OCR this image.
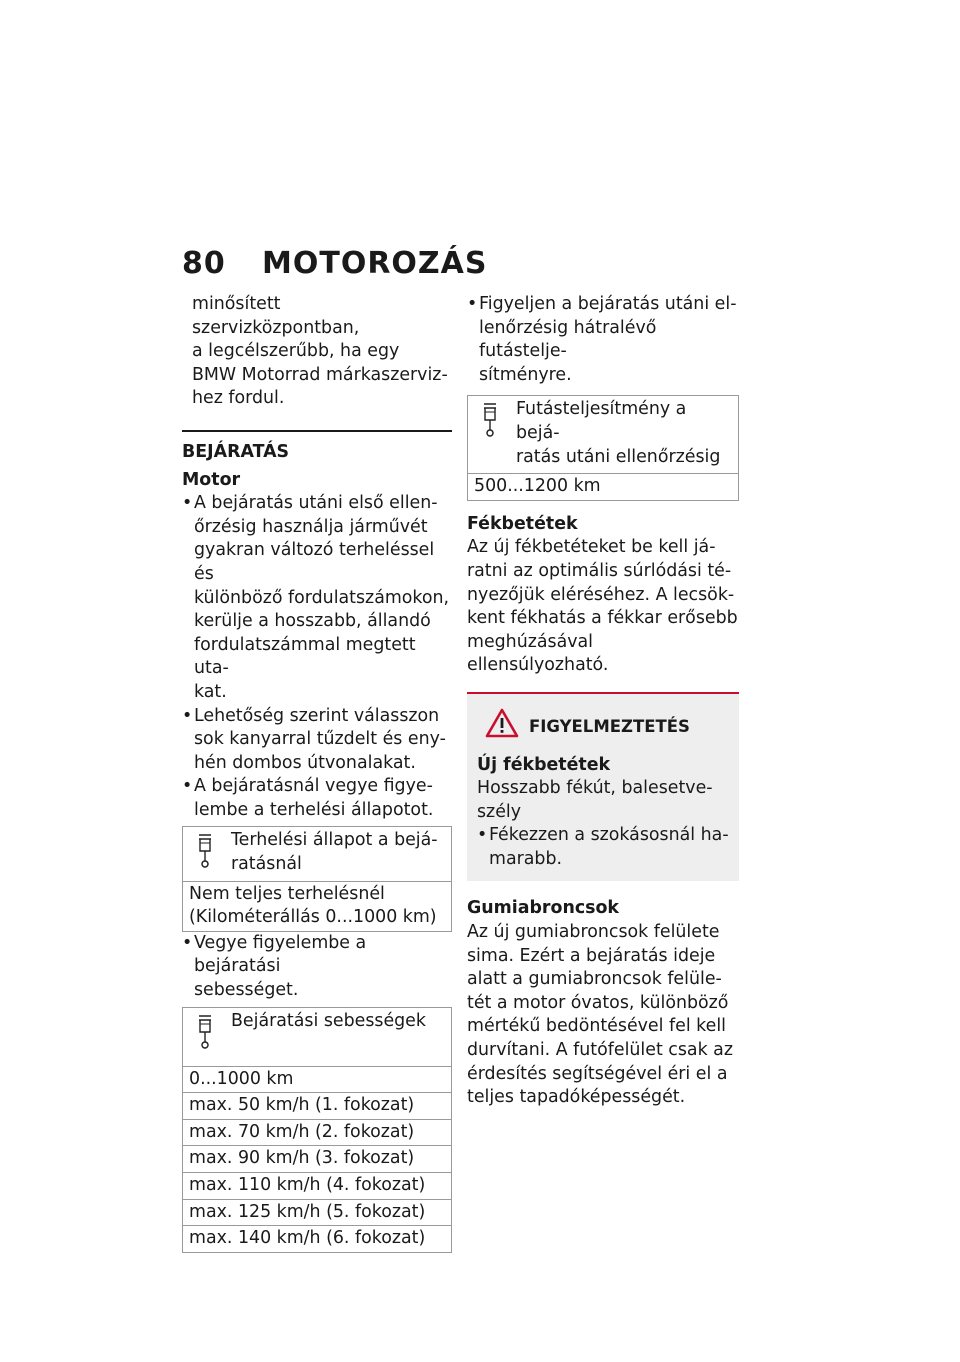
80 MOTOROZÁS
minősített szervizközpontban,
a legcélszerűbb, ha egy
BMW Motorrad márkaszerviz-
hez fordul.
BEJÁRATÁS
Motor
• A bejáratás utáni első ellen-
őrzésig használja járművét
gyakran változó terheléssel és
különböző fordulatszámokon,
kerülje a hosszabb, állandó
fordulatszámmal megtett uta-
kat.
• Lehetőség szerint válasszon
sok kanyarral tűzdelt és eny-
hén dombos útvonalakat.
• A bejáratásnál vegye figye-
lembe a terhelési állapotot.
Terhelési állapot a bejá-
ratásnál
Nem teljes terhelésnél (Kilométerállás 0...1000 km)
• Vegye figyelembe a bejáratási
sebességet.
Bejáratási sebességek
0...1000 km
max. 50 km/h (1. fokozat)
max. 70 km/h (2. fokozat)
max. 90 km/h (3. fokozat)
max. 110 km/h (4. fokozat)
max. 125 km/h (5. fokozat)
max. 140 km/h (6. fokozat)
• Figyeljen a bejáratás utáni el-
lenőrzésig hátralévő futástelje-
sítményre.
Futásteljesítmény a bejá-
ratás utáni ellenőrzésig
500...1200 km
Fékbetétek
Az új fékbetéteket be kell já-
ratni az optimális súrlódási té-
nyezőjük eléréséhez. A lecsök-
kent fékhatás a fékkar erősebb
meghúzásával ellensúlyozható.
FIGYELMEZTETÉS
Új fékbetétek
Hosszabb fékút, balesetve-
szély
• Fékezzen a szokásosnál ha-
marabb.
Gumiabroncsok
Az új gumiabroncsok felülete
sima. Ezért a bejáratás ideje
alatt a gumiabroncsok felüle-
tét a motor óvatos, különböző
mértékű bedöntésével fel kell
durvítani. A futófelület csak az
érdesítés segítségével éri el a
teljes tapadóképességét.
